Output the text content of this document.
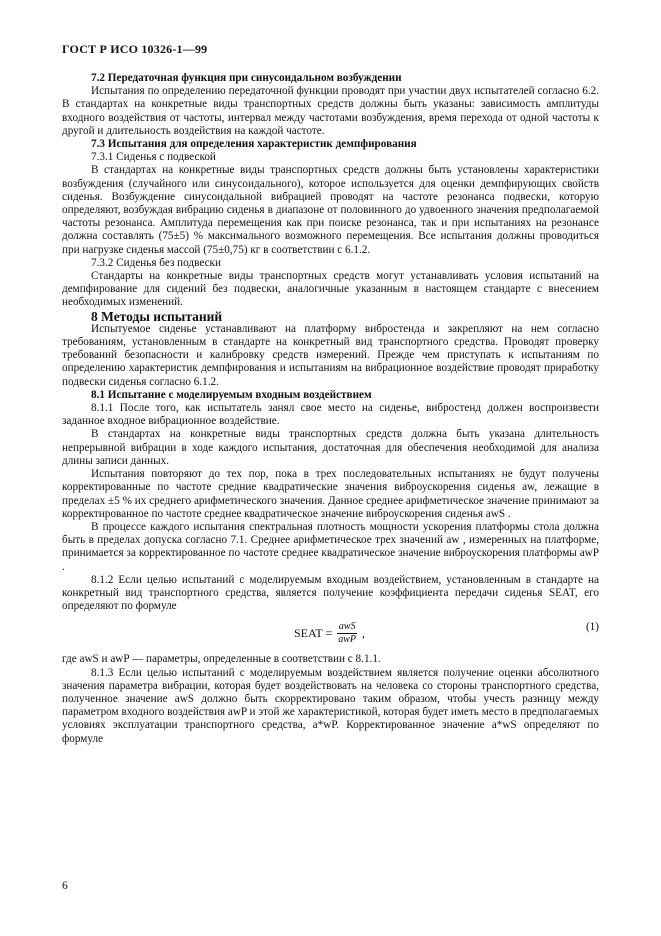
ГОСТ Р ИСО 10326-1—99

7.2 Передаточная функция при синусоидальном возбуждении

Испытания по определению передаточной функции проводят при участии двух испытателей согласно 6.2. В стандартах на конкретные виды транспортных средств должны быть указаны: зависимость амплитуды входного воздействия от частоты, интервал между частотами возбуждения, время перехода от одной частоты к другой и длительность воздействия на каждой частоте.

7.3 Испытания для определения характеристик демпфирования

7.3.1 Сиденья с подвеской

В стандартах на конкретные виды транспортных средств должны быть установлены характеристики возбуждения (случайного или синусоидального), которое используется для оценки демпфирующих свойств сиденья. Возбуждение синусоидальной вибрацией проводят на частоте резонанса подвески, которую определяют, возбуждая вибрацию сиденья в диапазоне от половинного до удвоенного значения предполагаемой частоты резонанса. Амплитуда перемещения как при поиске резонанса, так и при испытаниях на резонансе должна составлять (75±5) % максимального возможного перемещения. Все испытания должны проводиться при нагрузке сиденья массой (75±0,75) кг в соответствии с 6.1.2.

7.3.2 Сиденья без подвески

Стандарты на конкретные виды транспортных средств могут устанавливать условия испытаний на демпфирование для сидений без подвески, аналогичные указанным в настоящем стандарте с внесением необходимых изменений.

8 Методы испытаний

Испытуемое сиденье устанавливают на платформу вибростенда и закрепляют на нем согласно требованиям, установленным в стандарте на конкретный вид транспортного средства. Проводят проверку требований безопасности и калибровку средств измерений. Прежде чем приступать к испытаниям по определению характеристик демпфирования и испытаниям на вибрационное воздействие проводят приработку подвески сиденья согласно 6.1.2.

8.1 Испытание с моделируемым входным воздействием

8.1.1 После того, как испытатель занял свое место на сиденье, вибростенд должен воспроизвести заданное входное вибрационное воздействие.

В стандартах на конкретные виды транспортных средств должна быть указана длительность непрерывной вибрации в ходе каждого испытания, достаточная для обеспечения необходимой для анализа длины записи данных.

Испытания повторяют до тех пор, пока в трех последовательных испытаниях не будут получены корректированные по частоте средние квадратические значения виброускорения сиденья aw, лежащие в пределах ±5 % их среднего арифметического значения. Данное среднее арифметическое значение принимают за корректированное по частоте среднее квадратическое значение виброускорения сиденья awS .

В процессе каждого испытания спектральная плотность мощности ускорения платформы стола должна быть в пределах допуска согласно 7.1. Среднее арифметическое трех значений aw , измеренных на платформе, принимается за корректированное по частоте среднее квадратическое значение виброускорения платформы awP .

8.1.2 Если целью испытаний с моделируемым входным воздействием, установленным в стандарте на конкретный вид транспортного средства, является получение коэффициента передачи сиденья SEAT, его определяют по формуле

SEAT = $\frac{\text{awS}}{\text{awP}}$ ,	(1)

где awS и awP — параметры, определенные в соответствии с 8.1.1.

8.1.3 Если целью испытаний с моделируемым воздействием является получение оценки абсолютного значения параметра вибрации, которая будет воздействовать на человека со стороны транспортного средства, полученное значение awS должно быть скорректировано таким образом, чтобы учесть разницу между параметром входного воздействия awP и этой же характеристикой, которая будет иметь место в предполагаемых условиях эксплуатации транспортного средства, a*wP. Корректированное значение a*wS определяют по формуле

6
